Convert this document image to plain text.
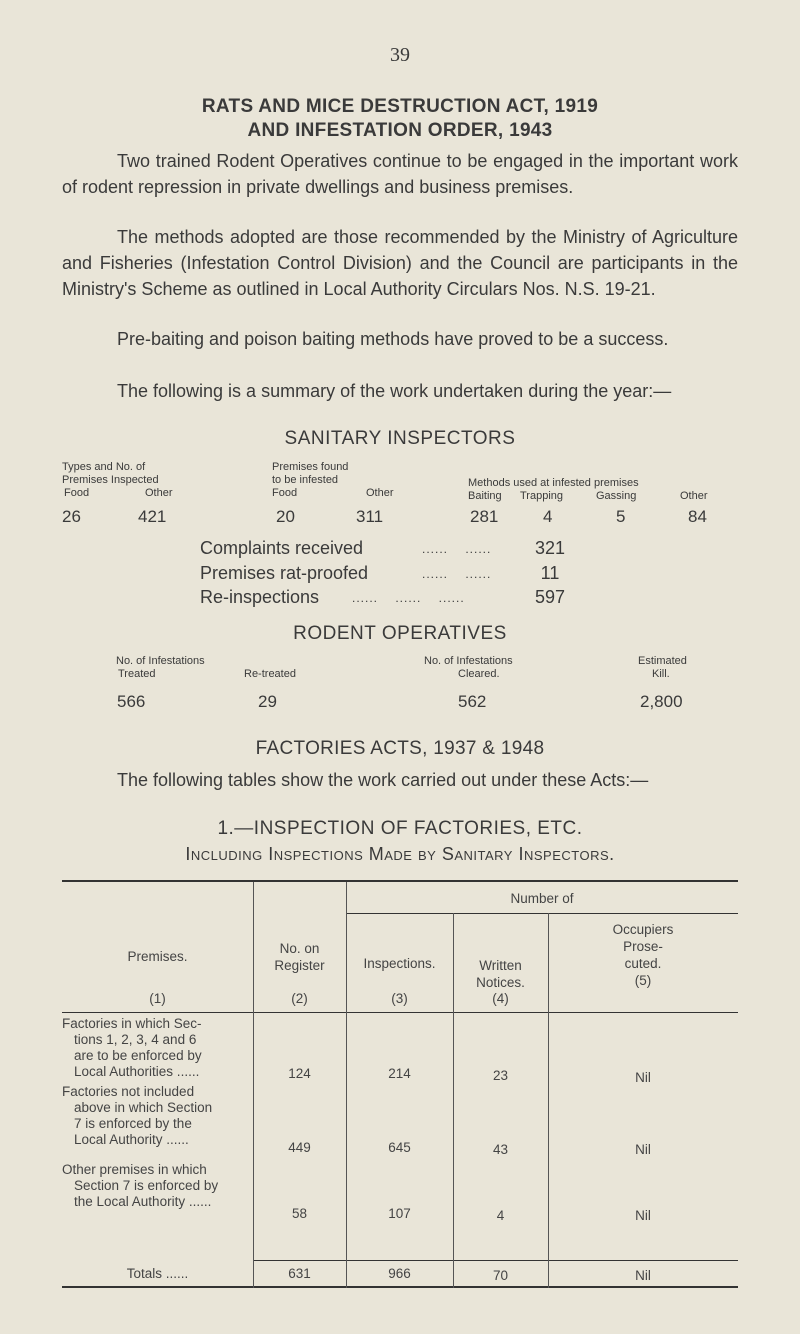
39
RATS AND MICE DESTRUCTION ACT, 1919
AND INFESTATION ORDER, 1943
Two trained Rodent Operatives continue to be engaged in the important work of rodent repression in private dwellings and business premises.
The methods adopted are those recommended by the Ministry of Agriculture and Fisheries (Infestation Control Division) and the Council are participants in the Ministry's Scheme as outlined in Local Authority Circulars Nos. N.S. 19-21.
Pre-baiting and poison baiting methods have proved to be a success.
The following is a summary of the work undertaken during the year:—
SANITARY INSPECTORS
Types and No. of
Premises Inspected
Food	Other
Premises found
to be infested
Food	Other
Methods used at infested premises
Baiting Trapping	Gassing	Other
26	421	20	311	281	4	5	84
Complaints received	......    ......	321
Premises rat-proofed	......    ......	11
Re-inspections	......    ......    ......	597
RODENT OPERATIVES
No. of Infestations
Treated	Re-treated
No. of Infestations
Cleared.
Estimated
Kill.
566	29	562	2,800
FACTORIES ACTS, 1937 & 1948
The following tables show the work carried out under these Acts:—
1.—INSPECTION OF FACTORIES, ETC.
Including Inspections Made by Sanitary Inspectors.
Number of
Premises.
(1)
No. on
Register
(2)
Inspections.
(3)
Written
Notices.
(4)
Occupiers
Prose-
cuted.
(5)
Factories in which Sec-
tions 1, 2, 3, 4 and 6
are to be enforced by
Local Authorities ......	124	214	23	Nil
Factories not included
above in which Section
7 is enforced by the
Local Authority ......
449	645	43	Nil
Other premises in which
Section 7 is enforced by
the Local Authority ......
58	107	4	Nil
Totals ......	631	966	70	Nil
